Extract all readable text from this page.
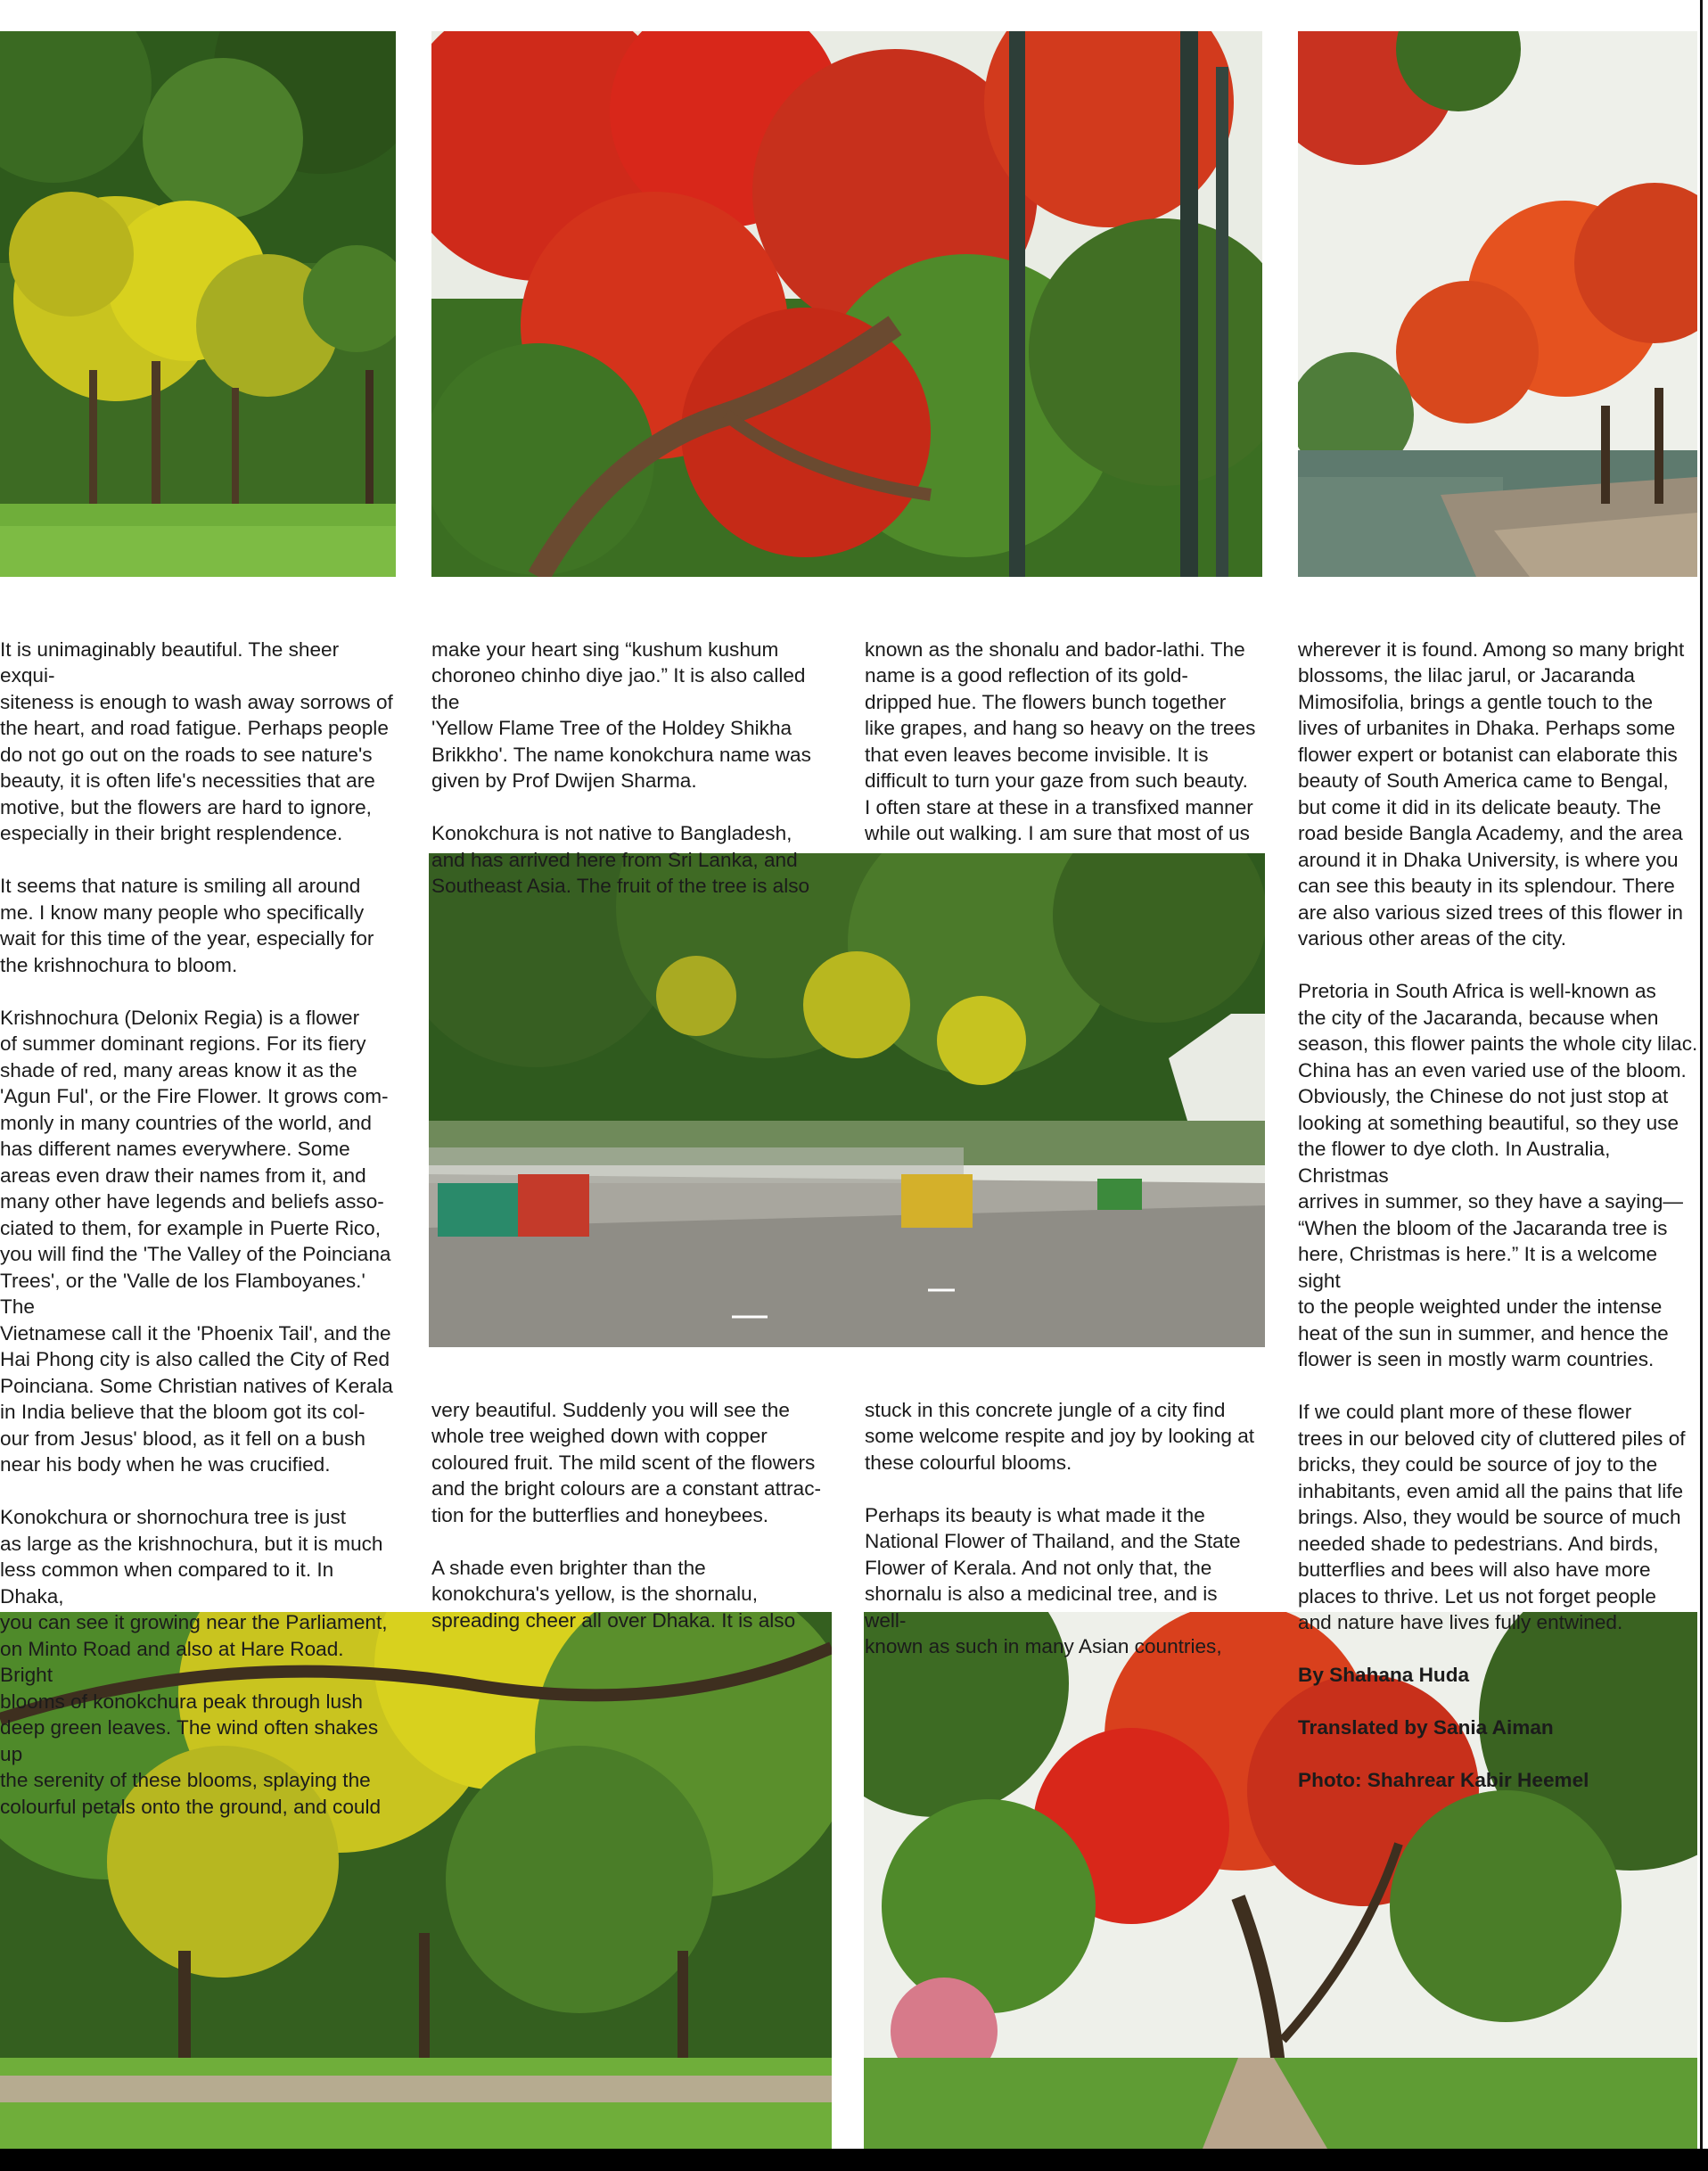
It is unimaginably beautiful. The sheer exqui-
siteness is enough to wash away sorrows of
the heart, and road fatigue. Perhaps people
do not go out on the roads to see nature's
beauty, it is often life's necessities that are
motive, but the flowers are hard to ignore,
especially in their bright resplendence.

It seems that nature is smiling all around
me. I know many people who specifically
wait for this time of the year, especially for
the krishnochura to bloom.

Krishnochura (Delonix Regia) is a flower
of summer dominant regions. For its fiery
shade of red, many areas know it as the
'Agun Ful', or the Fire Flower. It grows com-
monly in many countries of the world, and
has different names everywhere. Some
areas even draw their names from it, and
many other have legends and beliefs asso-
ciated to them, for example in Puerte Rico,
you will find the 'The Valley of the Poinciana
Trees', or the 'Valle de los Flamboyanes.' The
Vietnamese call it the 'Phoenix Tail', and the
Hai Phong city is also called the City of Red
Poinciana. Some Christian natives of Kerala
in India believe that the bloom got its col-
our from Jesus' blood, as it fell on a bush
near his body when he was crucified.

Konokchura or shornochura tree is just
as large as the krishnochura, but it is much
less common when compared to it. In Dhaka,
you can see it growing near the Parliament,
on Minto Road and also at Hare Road. Bright
blooms of konokchura peak through lush
deep green leaves. The wind often shakes up
the serenity of these blooms, splaying the
colourful petals onto the ground, and could

make your heart sing “kushum kushum
choroneo chinho diye jao.” It is also called the
'Yellow Flame Tree of the Holdey Shikha
Brikkho'. The name konokchura name was
given by Prof Dwijen Sharma.

Konokchura is not native to Bangladesh,
and has arrived here from Sri Lanka, and
Southeast Asia. The fruit of the tree is also

known as the shonalu and bador-lathi. The
name is a good reflection of its gold-
dripped hue. The flowers bunch together
like grapes, and hang so heavy on the trees
that even leaves become invisible. It is
difficult to turn your gaze from such beauty.
I often stare at these in a transfixed manner
while out walking. I am sure that most of us

very beautiful. Suddenly you will see the
whole tree weighed down with copper
coloured fruit. The mild scent of the flowers
and the bright colours are a constant attrac-
tion for the butterflies and honeybees.

A shade even brighter than the
konokchura's yellow, is the shornalu,
spreading cheer all over Dhaka. It is also

stuck in this concrete jungle of a city find
some welcome respite and joy by looking at
these colourful blooms.

Perhaps its beauty is what made it the
National Flower of Thailand, and the State
Flower of Kerala. And not only that, the
shornalu is also a medicinal tree, and is well-
known as such in many Asian countries,

wherever it is found. Among so many bright
blossoms, the lilac jarul, or Jacaranda
Mimosifolia, brings a gentle touch to the
lives of urbanites in Dhaka. Perhaps some
flower expert or botanist can elaborate this
beauty of South America came to Bengal,
but come it did in its delicate beauty. The
road beside Bangla Academy, and the area
around it in Dhaka University, is where you
can see this beauty in its splendour. There
are also various sized trees of this flower in
various other areas of the city.

Pretoria in South Africa is well-known as
the city of the Jacaranda, because when
season, this flower paints the whole city lilac.
China has an even varied use of the bloom.
Obviously, the Chinese do not just stop at
looking at something beautiful, so they use
the flower to dye cloth. In Australia, Christmas
arrives in summer, so they have a saying—
“When the bloom of the Jacaranda tree is
here, Christmas is here.” It is a welcome sight
to the people weighted under the intense
heat of the sun in summer, and hence the
flower is seen in mostly warm countries.

If we could plant more of these flower
trees in our beloved city of cluttered piles of
bricks, they could be source of joy to the
inhabitants, even amid all the pains that life
brings. Also, they would be source of much
needed shade to pedestrians. And birds,
butterflies and bees will also have more
places to thrive. Let us not forget people
and nature have lives fully entwined.

By Shahana Huda

Translated by Sania Aiman

Photo: Shahrear Kabir Heemel
